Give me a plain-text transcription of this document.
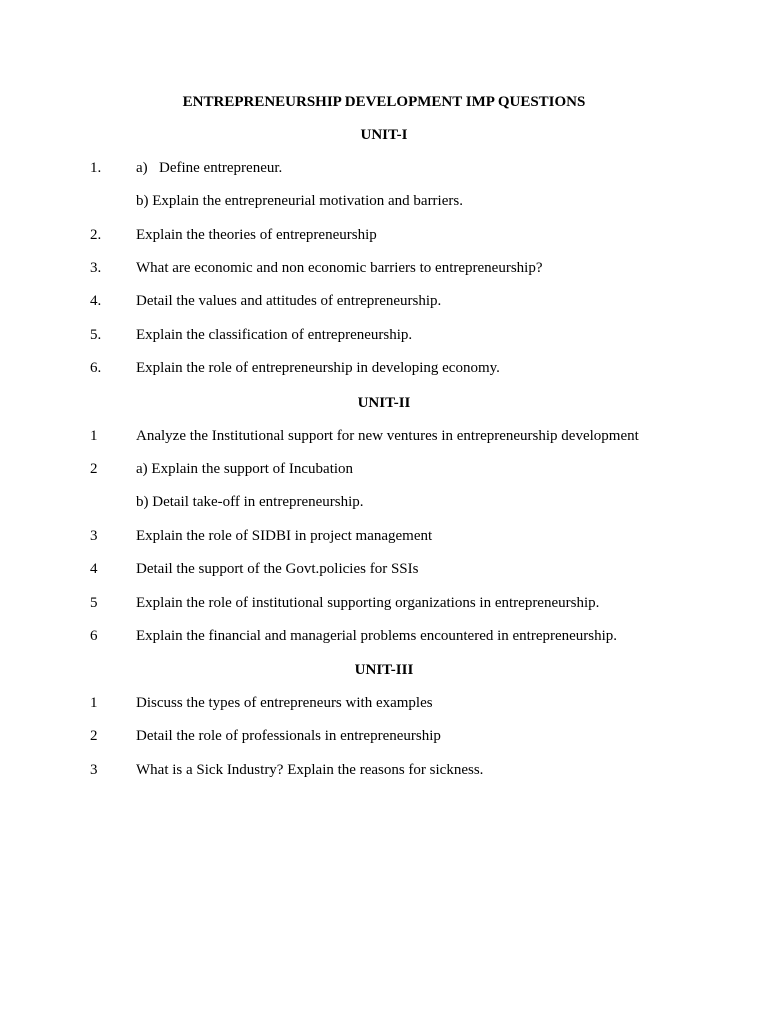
ENTREPRENEURSHIP DEVELOPMENT IMP QUESTIONS
UNIT-I
1. a) Define entrepreneur.
b) Explain the entrepreneurial motivation and barriers.
2. Explain the theories of entrepreneurship
3. What are economic and non economic barriers to entrepreneurship?
4. Detail the values and attitudes of entrepreneurship.
5. Explain the classification of entrepreneurship.
6. Explain the role of entrepreneurship in developing economy.
UNIT-II
1	Analyze the Institutional support for new ventures in entrepreneurship development
2	a) Explain the support of Incubation
b) Detail take-off in entrepreneurship.
3	Explain the role of SIDBI in project management
4	Detail the support of the Govt.policies for SSIs
5	Explain the role of institutional supporting organizations in entrepreneurship.
6	Explain the financial and managerial problems encountered in entrepreneurship.
UNIT-III
1	Discuss the types of entrepreneurs with examples
2	Detail the role of professionals in entrepreneurship
3	What is a Sick Industry? Explain the reasons for sickness.
